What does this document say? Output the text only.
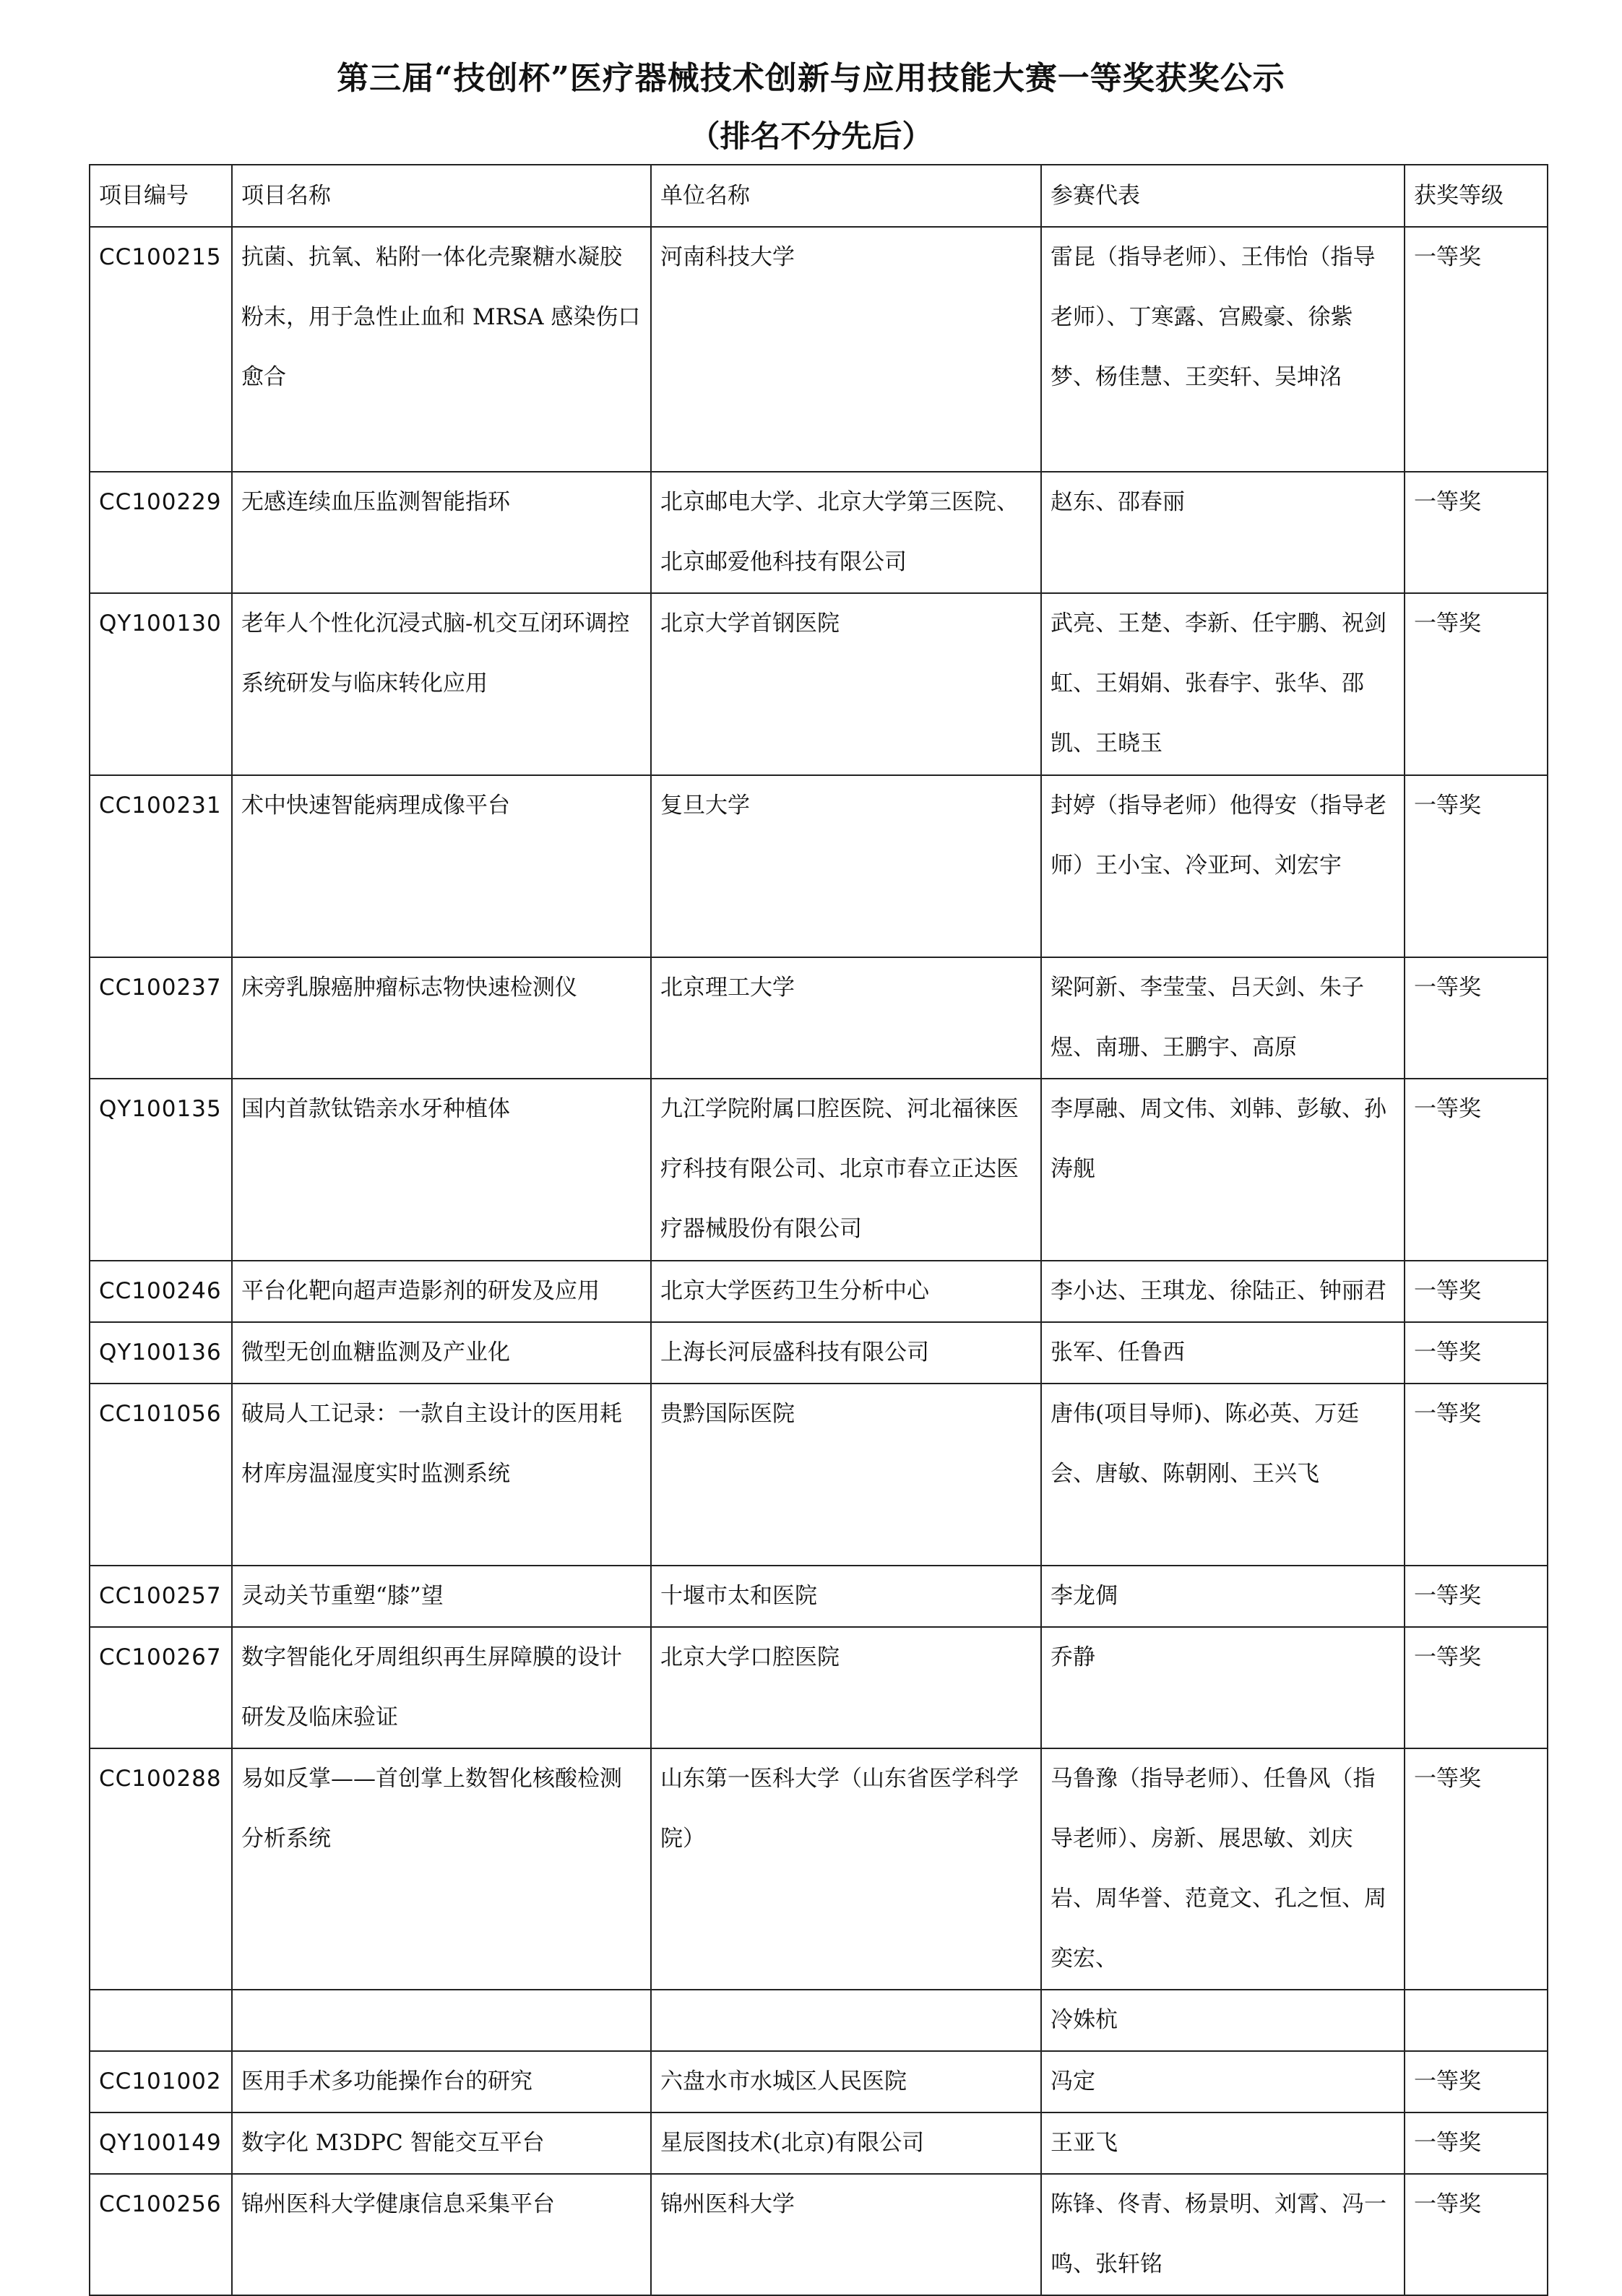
第三届“技创杯”医疗器械技术创新与应用技能大赛一等奖获奖公示
（排名不分先后）
项目编号	项目名称	单位名称	参赛代表	获奖等级
CC100215	抗菌、抗氧、粘附一体化壳聚糖水凝胶粉末，用于急性止血和 MRSA 感染伤口愈合	河南科技大学	雷昆（指导老师）、王伟怡（指导老师）、丁寒露、宫殿豪、徐紫梦、杨佳慧、王奕轩、吴坤洺	一等奖
CC100229	无感连续血压监测智能指环	北京邮电大学、北京大学第三医院、北京邮爱他科技有限公司	赵东、邵春丽	一等奖
QY100130	老年人个性化沉浸式脑-机交互闭环调控系统研发与临床转化应用	北京大学首钢医院	武亮、王楚、李新、任宇鹏、祝剑虹、王娟娟、张春宇、张华、邵凯、王晓玉	一等奖
CC100231	术中快速智能病理成像平台	复旦大学	封婷（指导老师）他得安（指导老师）王小宝、冷亚珂、刘宏宇	一等奖
CC100237	床旁乳腺癌肿瘤标志物快速检测仪	北京理工大学	梁阿新、李莹莹、吕天剑、朱子煜、南珊、王鹏宇、高原	一等奖
QY100135	国内首款钛锆亲水牙种植体	九江学院附属口腔医院、河北福徕医疗科技有限公司、北京市春立正达医疗器械股份有限公司	李厚融、周文伟、刘韩、彭敏、孙涛舰	一等奖
CC100246	平台化靶向超声造影剂的研发及应用	北京大学医药卫生分析中心	李小达、王琪龙、徐陆正、钟丽君	一等奖
QY100136	微型无创血糖监测及产业化	上海长河辰盛科技有限公司	张军、任鲁西	一等奖
CC101056	破局人工记录：一款自主设计的医用耗材库房温湿度实时监测系统	贵黔国际医院	唐伟(项目导师)、陈必英、万廷会、唐敏、陈朝刚、王兴飞	一等奖
CC100257	灵动关节重塑“膝”望	十堰市太和医院	李龙倜	一等奖
CC100267	数字智能化牙周组织再生屏障膜的设计研发及临床验证	北京大学口腔医院	乔静	一等奖
CC100288	易如反掌——首创掌上数智化核酸检测分析系统	山东第一医科大学（山东省医学科学院）	马鲁豫（指导老师）、任鲁风（指导老师）、房新、展思敏、刘庆岩、周华誉、范竟文、孔之恒、周奕宏、	一等奖
			冷姝杭	
CC101002	医用手术多功能操作台的研究	六盘水市水城区人民医院	冯定	一等奖
QY100149	数字化 M3DPC 智能交互平台	星辰图技术(北京)有限公司	王亚飞	一等奖
CC100256	锦州医科大学健康信息采集平台	锦州医科大学	陈锋、佟青、杨景明、刘霄、冯一鸣、张轩铭	一等奖
